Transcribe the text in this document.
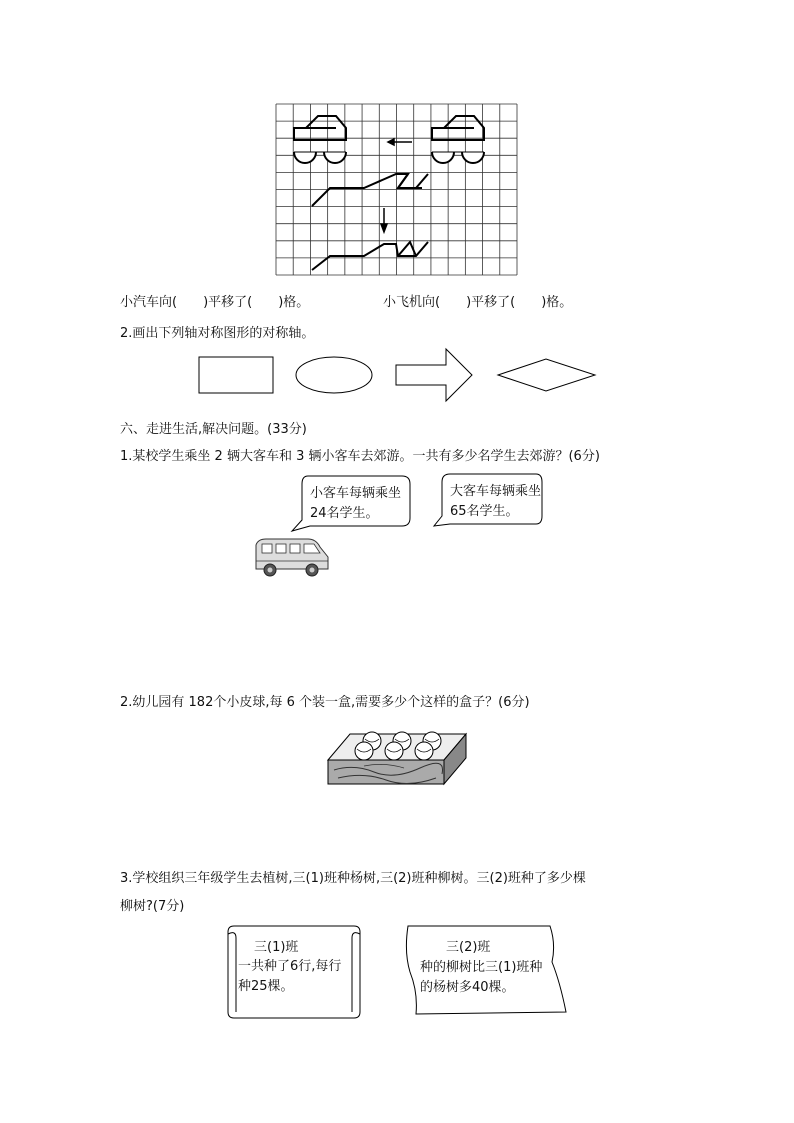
小汽车向(　　)平移了(　　)格。	小飞机向(　　)平移了(　　)格。
2.画出下列轴对称图形的对称轴。
六、走进生活,解决问题。(33分)
1.某校学生乘坐 2 辆大客车和 3 辆小客车去郊游。一共有多少名学生去郊游？(6分)
小客车每辆乘坐24名学生。
大客车每辆乘坐65名学生。
2.幼儿园有 182个小皮球,每 6 个装一盒,需要多少个这样的盒子？(6分)
3.学校组织三年级学生去植树,三(1)班种杨树,三(2)班种柳树。三(2)班种了多少棵
柳树?(7分)
三(1)班
一共种了6行,每行种25棵。
三(2)班
种的柳树比三(1)班种的杨树多40棵。
